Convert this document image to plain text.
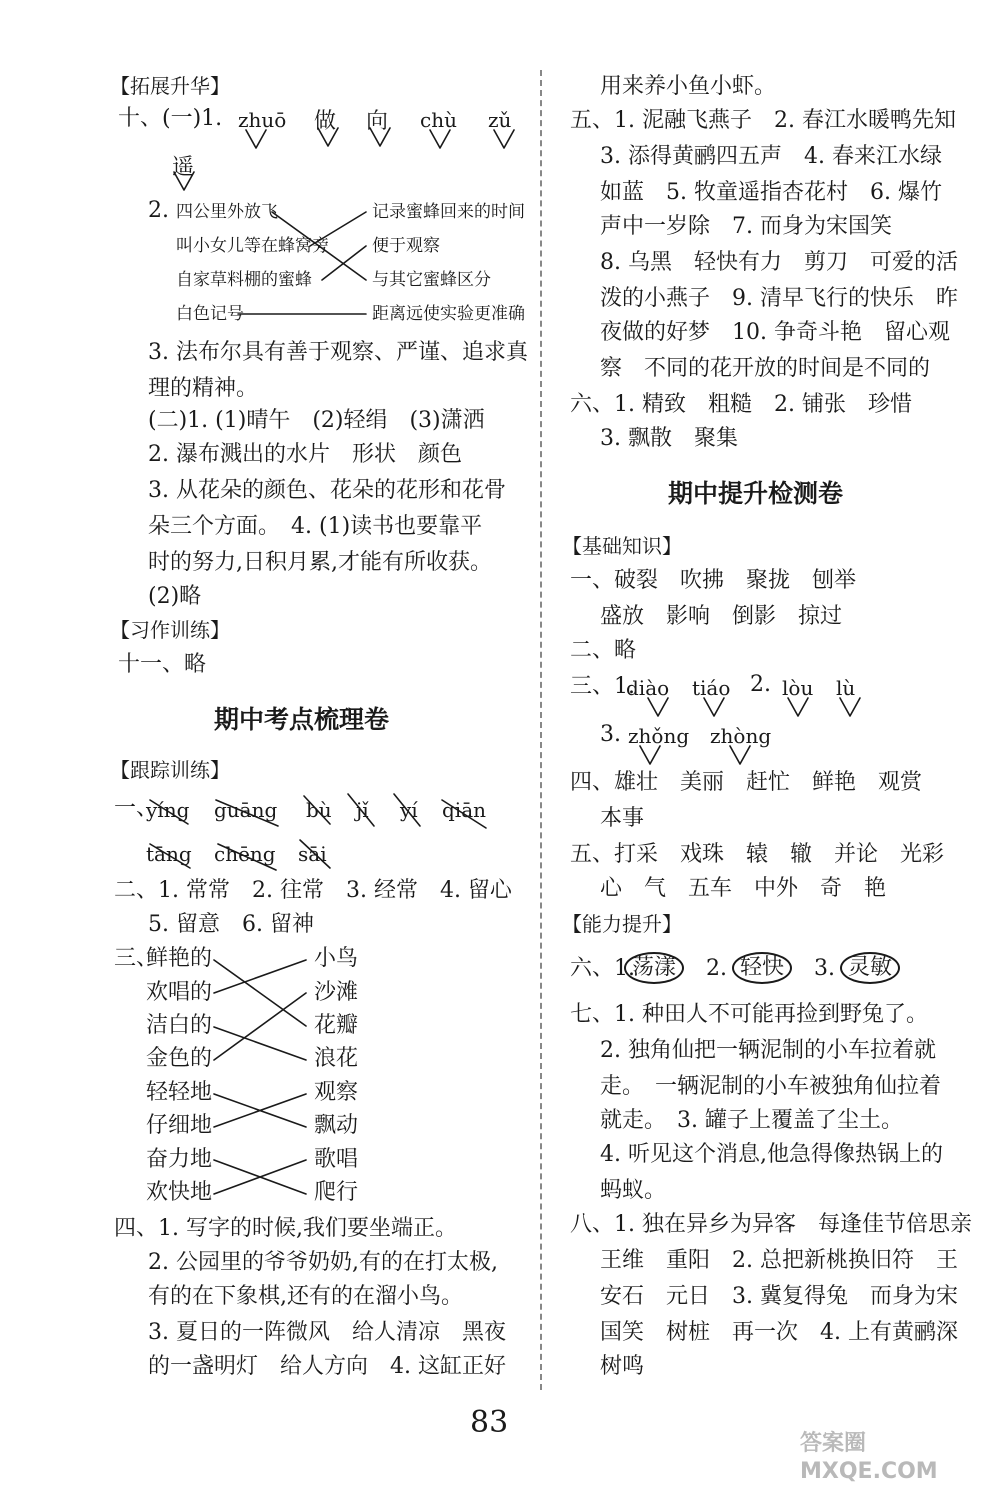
【拓展升华】
十、(一)1. zhuō 做 向 chù zǔ
遥
2. 四公里外放飞
叫小女儿等在蜂窝旁
自家草料棚的蜜蜂
白色记号
记录蜜蜂回来的时间
便于观察
与其它蜜蜂区分
距离远使实验更准确
3. 法布尔具有善于观察、严谨、追求真
理的精神。
(二)1. (1)晴午　(2)轻绢　(3)潇洒
2. 瀑布溅出的水片　形状　颜色
3. 从花朵的颜色、花朵的花形和花骨
朵三个方面。　4. (1)读书也要靠平
时的努力,日积月累,才能有所收获。
(2)略
【习作训练】
十一、略
期中考点梳理卷
【跟踪训练】
一、
yíng guāng bù jǐ yí qiān
tāng chēng sāi
二、1. 常常　2. 往常　3. 经常　4. 留心
5. 留意　6. 留神
三、
鲜艳的
欢唱的
洁白的
金色的
轻轻地
仔细地
奋力地
欢快地
小鸟
沙滩
花瓣
浪花
观察
飘动
歌唱
爬行
四、1. 写字的时候,我们要坐端正。
2. 公园里的爷爷奶奶,有的在打太极,
有的在下象棋,还有的在溜小鸟。
3. 夏日的一阵微风　给人清凉　黑夜
的一盏明灯　给人方向　4. 这缸正好
用来养小鱼小虾。
五、1. 泥融飞燕子　2. 春江水暖鸭先知
3. 添得黄鹂四五声　4. 春来江水绿
如蓝　5. 牧童遥指杏花村　6. 爆竹
声中一岁除　7. 而身为宋国笑
8. 乌黑　轻快有力　剪刀　可爱的活
泼的小燕子　9. 清早飞行的快乐　昨
夜做的好梦　10. 争奇斗艳　留心观
察　不同的花开放的时间是不同的
六、1. 精致　粗糙　2. 铺张　珍惜
3. 飘散　聚集
期中提升检测卷
【基础知识】
一、破裂　吹拂　聚拢　刨举
盛放　影响　倒影　掠过
二、略
三、1.
diào tiáo 2. lòu lù
3. zhǒng zhòng
四、雄壮　美丽　赶忙　鲜艳　观赏
本事
五、打采　戏珠　辕　辙　并论　光彩
心　气　五车　中外　奇　艳
【能力提升】
六、1.
荡漾	2. 轻快	3. 灵敏
七、1. 种田人不可能再捡到野兔了。
2. 独角仙把一辆泥制的小车拉着就
走。　一辆泥制的小车被独角仙拉着
就走。　3. 罐子上覆盖了尘土。
4. 听见这个消息,他急得像热锅上的
蚂蚁。
八、1. 独在异乡为异客　每逢佳节倍思亲
王维　重阳　2. 总把新桃换旧符　王
安石　元日　3. 冀复得兔　而身为宋
国笑　树桩　再一次　4. 上有黄鹂深
树鸣
83
答案圈 MXQE.COM
